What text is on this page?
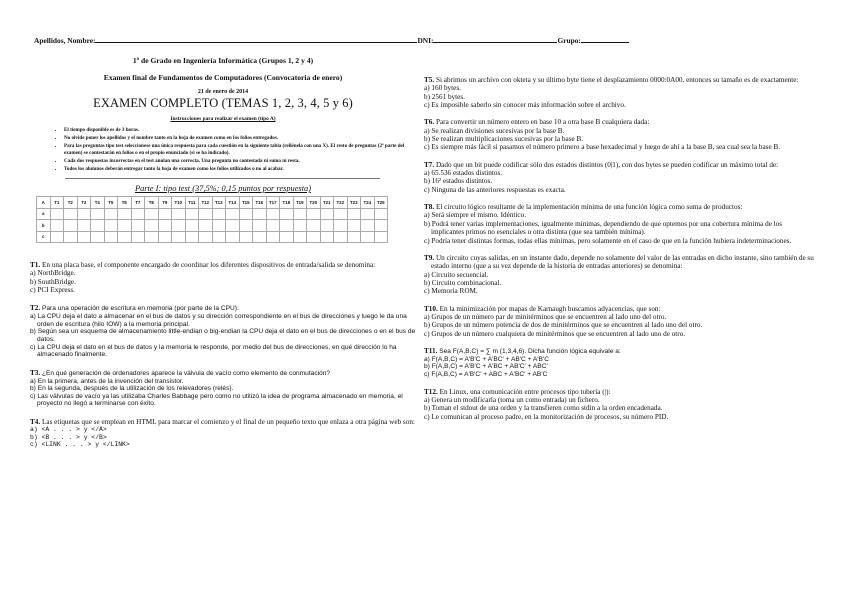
Apellidos, Nombre:	DNI:	Grupo:
1º de Grado en Ingeniería Informática (Grupos 1, 2 y 4)
Examen final de Fundamentos de Computadores (Convocatoria de enero)
21 de enero de 2014
EXAMEN COMPLETO (TEMAS 1, 2, 3, 4, 5 y 6)
Instrucciones para realizar el examen (tipo A)
• El tiempo disponible es de 3 horas.
• No olvide poner los apellidos y el nombre tanto en la hoja de examen como en los folios entregados.
• Para las preguntas tipo test seleccionese una única respuesta para cada cuestión en la siguiente tabla (rellénela con una X). El resto de preguntas (2ª parte del examen) se contestarán en folios o en el propio enunciado (si se ha indicado).
• Cada dos respuestas incorrectas en el test anulan una correcta. Una pregunta no contestada ni suma ni resta.
• Todos los alumnos deberán entregar tanto la hoja de examen como los folios utilizados o no al acabar.
Parte I: tipo test (37,5%; 0,15 puntos por respuesta)
A	T1	T2	T3	T4	T5	T6	T7	T8	T9	T10	T11	T12	T13	T14	T15	T16	T17	T18	T19	T20	T21	T22	T23	T24	T25
a																									
b																									
c																									

T1. En una placa base, el componente encargado de coordinar los diferentes dispositivos de entrada/salida se denomina:

a) NorthBridge.

b) SouthBridge.

c) PCI Express.

T2. Para una operación de escritura en memoria (por parte de la CPU):

a) La CPU deja el dato a almacenar en el bus de datos y su dirección correspondiente en el bus de direcciones y luego le da una orden de escritura (hilo IOW) a la memoria principal.

b) Según sea un esquema de almacenamiento little-endian o big-endian la CPU deja el dato en el bus de direcciones o en el bus de datos.

c) La CPU deja el dato en el bus de datos y la memoria le responde, por medio del bus de direcciones, en qué dirección lo ha almacenado finalmente.

T3. ¿En qué generación de ordenadores aparece la válvula de vacío como elemento de conmutación?

a) En la primera, antes de la invención del transistor.

b) En la segunda, después de la utilización de los relevadores (relés).

c) Las válvulas de vacío ya las utilizaba Charles Babbage pero como no utilizó la idea de programa almacenado en memoria, el proyecto no llegó a terminarse con éxito.

T4. Las etiquetas que se emplean en HTML para marcar el comienzo y el final de un pequeño texto que enlaza a otra página web son:

a) <A . . . > y </A>

b) <B . . . > y </B>

c) <LINK . . . > y </LINK>

T5. Si abrimos un archivo con okteta y su último byte tiene el desplazamiento 0000:0A00, entonces su tamaño es de exactamente:

a) 160 bytes.

b) 2561 bytes.

c) Es imposible saberlo sin conocer más información sobre el archivo.

T6. Para convertir un número entero en base 10 a otra base B cualquiera dada:

a) Se realizan divisiones sucesivas por la base B.

b) Se realizan multiplicaciones sucesivas por la base B.

c) Es siempre más fácil si pasamos el número primero a base hexadecimal y luego de ahí a la base B, sea cual sea la base B.

T7. Dado que un bit puede codificar sólo dos estados distintos (0|1), con dos bytes se pueden codificar un máximo total de:

a) 65.536 estados distintos.

b) 16² estados distintos.

c) Ninguna de las anteriores respuestas es exacta.

T8. El circuito lógico resultante de la implementación mínima de una función lógica como suma de productos:

a) Será siempre el mismo. Idéntico.

b) Podrá tener varias implementaciones, igualmente mínimas, dependiendo de que optemos por una cobertura mínima de los implicantes primos no esenciales u otra distinta (que sea también mínima).

c) Podría tener distintas formas, todas ellas mínimas, pero solamente en el caso de que en la función hubiera indeterminaciones.

T9. Un circuito cuyas salidas, en un instante dado, depende no solamente del valor de las entradas en dicho instante, sino también de su estado interno (que a su vez depende de la historia de entradas anteriores) se denomina:

a) Circuito secuencial.

b) Circuito combinacional.

c) Memoria ROM.

T10. En la minimización por mapas de Karnaugh buscamos adyacencias, que son:

a) Grupos de un número par de minitérminos que se encuentren al lado uno del otro.

b) Grupos de un número potencia de dos de minitérminos que se encuentren al lado uno del otro.

c) Grupos de un número cualquiera de minitérminos que se encuentren al lado uno de otro.

T11. Sea F(A,B,C) = ∑ m (1,3,4,6). Dicha función lógica equivale a:

a) F(A,B,C) = A'B'C + A'BC' + AB'C + A'B'C

b) F(A,B,C) = A'B'C + A'BC + AB'C' + ABC'

c) F(A,B,C) = A'B'C' + ABC + A'BC' + AB'C

T12. En Linux, una comunicación entre procesos tipo tubería (|):

a) Genera un modificarla (toma un como entrada) un fichero.

b) Toman el stdout de una orden y la transfieren como stdin a la orden encadenada.

c) Le comunican al proceso padre, en la monitorización de procesos, su número PID.
